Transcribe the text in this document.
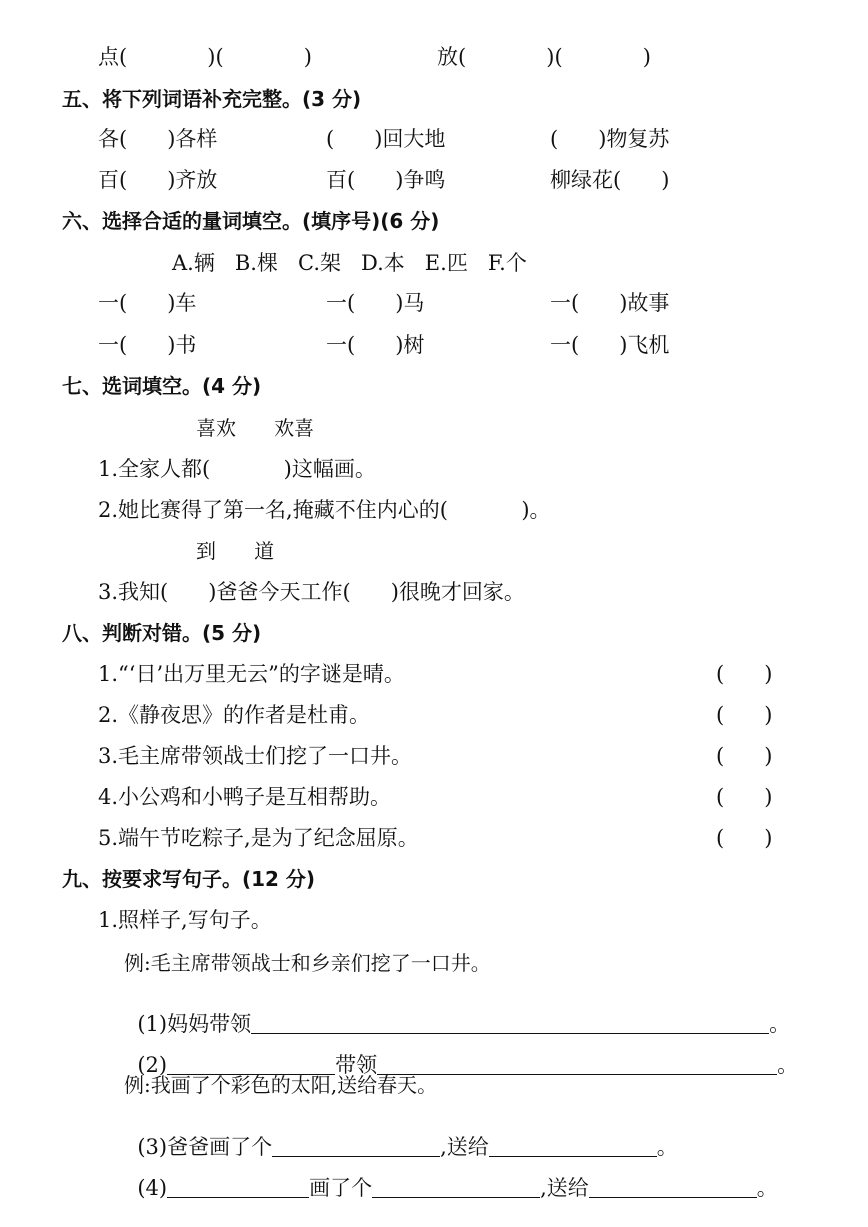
点(            )(            )	放(            )(            )
五、将下列词语补充完整。(3 分)
各(      )各样	(      )回大地	(      )物复苏
百(      )齐放	百(      )争鸣	柳绿花(      )
六、选择合适的量词填空。(填序号)(6 分)
A.辆   B.棵   C.架   D.本   E.匹   F.个
一(      )车	一(      )马	一(      )故事
一(      )书	一(      )树	一(      )飞机
七、选词填空。(4 分)
喜欢      欢喜
1.全家人都(           )这幅画。
2.她比赛得了第一名,掩藏不住内心的(           )。
到      道
3.我知(      )爸爸今天工作(      )很晚才回家。
八、判断对错。(5 分)
1.“‘日’出万里无云”的字谜是晴。	(      )
2.《静夜思》的作者是杜甫。	(      )
3.毛主席带领战士们挖了一口井。	(      )
4.小公鸡和小鸭子是互相帮助。	(      )
5.端午节吃粽子,是为了纪念屈原。	(      )
九、按要求写句子。(12 分)
1.照样子,写句子。
例:毛主席带领战士和乡亲们挖了一口井。

(1)妈妈带领	。

(2)	带领	。

例:我画了个彩色的太阳,送给春天。

(3)爸爸画了个	,送给	。

(4)	画了个	,送给	。
